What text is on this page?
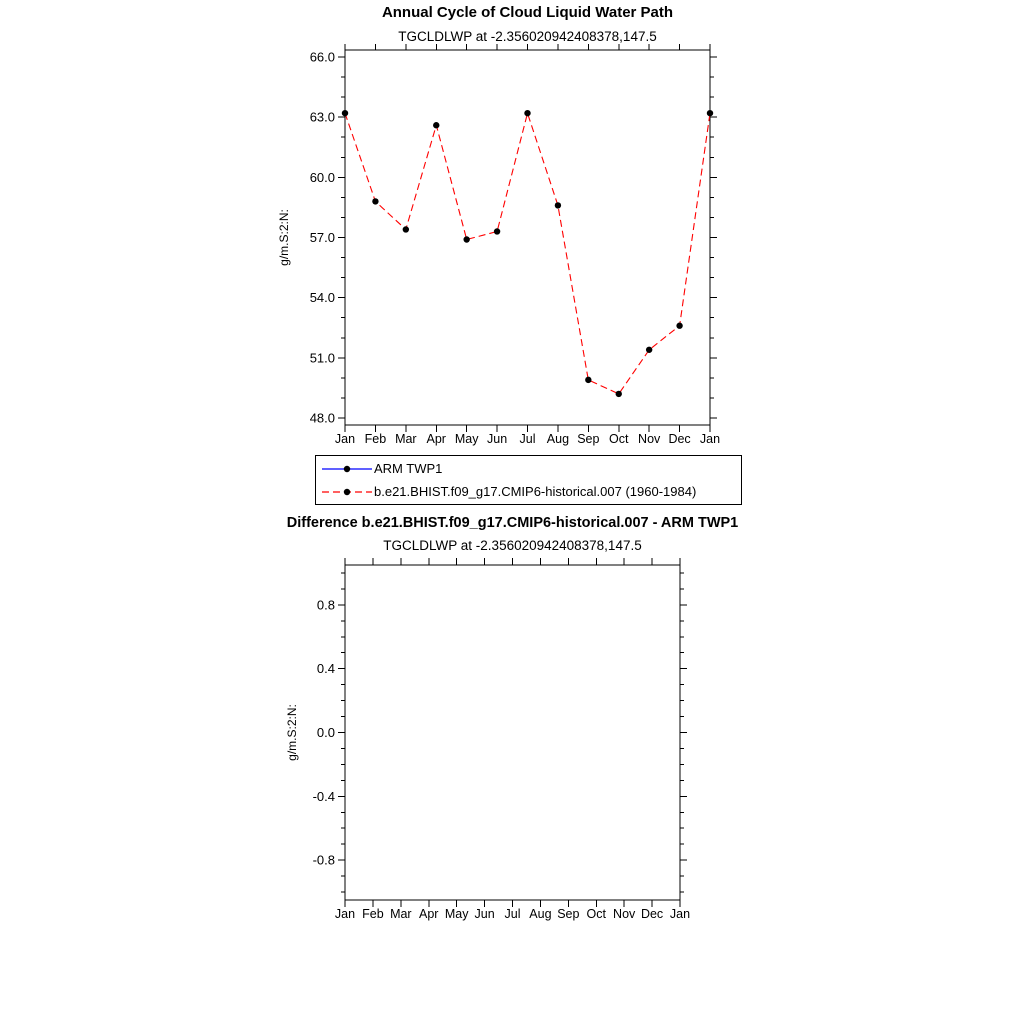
Annual Cycle of Cloud Liquid Water Path
TGCLDLWP at -2.356020942408378,147.5
48.0
51.0
54.0
57.0
60.0
63.0
66.0
Jan Feb Mar Apr May Jun Jul Aug Sep Oct Nov Dec Jan
g/m.S:2:N:
ARM TWP1
b.e21.BHIST.f09_g17.CMIP6-historical.007 (1960-1984)
Difference b.e21.BHIST.f09_g17.CMIP6-historical.007 - ARM TWP1
TGCLDLWP at -2.356020942408378,147.5
-0.8
-0.4
0.0
0.4
0.8
Jan Feb Mar Apr May Jun Jul Aug Sep Oct Nov Dec Jan
g/m.S:2:N:
